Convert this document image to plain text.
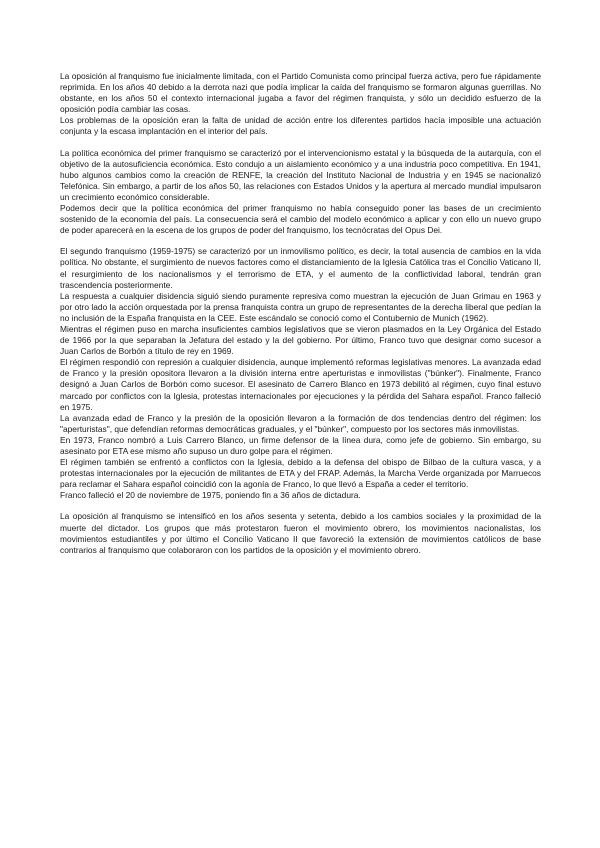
La oposición al franquismo fue inicialmente limitada, con el Partido Comunista como principal fuerza activa, pero fue rápidamente reprimida. En los años 40 debido a la derrota nazi que podía implicar la caída del franquismo se formaron algunas guerrillas. No obstante, en los años 50 el contexto internacional jugaba a favor del régimen franquista, y sólo un decidido esfuerzo de la oposición podía cambiar las cosas.

Los problemas de la oposición eran la falta de unidad de acción entre los diferentes partidos hacía imposible una actuación conjunta y la escasa implantación en el interior del país.

La política económica del primer franquismo se caracterizó por el intervencionismo estatal y la búsqueda de la autarquía, con el objetivo de la autosuficiencia económica. Esto condujo a un aislamiento económico y a una industria poco competitiva. En 1941, hubo algunos cambios como la creación de RENFE, la creación del Instituto Nacional de Industria y en 1945 se nacionalizó Telefónica. Sin embargo, a partir de los años 50, las relaciones con Estados Unidos y la apertura al mercado mundial impulsaron un crecimiento económico considerable.

Podemos decir que la política económica del primer franquismo no había conseguido poner las bases de un crecimiento sostenido de la economía del país. La consecuencia será el cambio del modelo económico a aplicar y con ello un nuevo grupo de poder aparecerá en la escena de los grupos de poder del franquismo, los tecnócratas del Opus Dei.

El segundo franquismo (1959-1975) se caracterizó por un inmovilismo político, es decir, la total ausencia de cambios en la vida política. No obstante, el surgimiento de nuevos factores como el distanciamiento de la Iglesia Católica tras el Concilio Vaticano II, el resurgimiento de los nacionalismos y el terrorismo de ETA, y el aumento de la conflictividad laboral, tendrán gran trascendencia posteriormente.

La respuesta a cualquier disidencia siguió siendo puramente represiva como muestran la ejecución de Juan Grimau en 1963 y por otro lado la acción orquestada por la prensa franquista contra un grupo de representantes de la derecha liberal que pedían la no inclusión de la España franquista en la CEE. Este escándalo se conoció como el Contubernio de Munich (1962).

Mientras el régimen puso en marcha insuficientes cambios legislativos que se vieron plasmados en la Ley Orgánica del Estado de 1966 por la que separaban la Jefatura del estado y la del gobierno. Por último, Franco tuvo que designar como sucesor a Juan Carlos de Borbón a título de rey en 1969.

El régimen respondió con represión a cualquier disidencia, aunque implementó reformas legislativas menores. La avanzada edad de Franco y la presión opositora llevaron a la división interna entre aperturistas e inmovilistas ("búnker"). Finalmente, Franco designó a Juan Carlos de Borbón como sucesor. El asesinato de Carrero Blanco en 1973 debilitó al régimen, cuyo final estuvo marcado por conflictos con la Iglesia, protestas internacionales por ejecuciones y la pérdida del Sahara español. Franco falleció en 1975.

La avanzada edad de Franco y la presión de la oposición llevaron a la formación de dos tendencias dentro del régimen: los "aperturistas", que defendían reformas democráticas graduales, y el "búnker", compuesto por los sectores más inmovilistas.

En 1973, Franco nombró a Luis Carrero Blanco, un firme defensor de la línea dura, como jefe de gobierno. Sin embargo, su asesinato por ETA ese mismo año supuso un duro golpe para el régimen.

El régimen también se enfrentó a conflictos con la Iglesia, debido a la defensa del obispo de Bilbao de la cultura vasca, y a protestas internacionales por la ejecución de militantes de ETA y del FRAP. Además, la Marcha Verde organizada por Marruecos para reclamar el Sahara español coincidió con la agonía de Franco, lo que llevó a España a ceder el territorio.

Franco falleció el 20 de noviembre de 1975, poniendo fin a 36 años de dictadura.

La oposición al franquismo se intensificó en los años sesenta y setenta, debido a los cambios sociales y la proximidad de la muerte del dictador. Los grupos que más protestaron fueron el movimiento obrero, los movimientos nacionalistas, los movimientos estudiantiles y por último el Concilio Vaticano II que favoreció la extensión de movimientos católicos de base contrarios al franquismo que colaboraron con los partidos de la oposición y el movimiento obrero.
